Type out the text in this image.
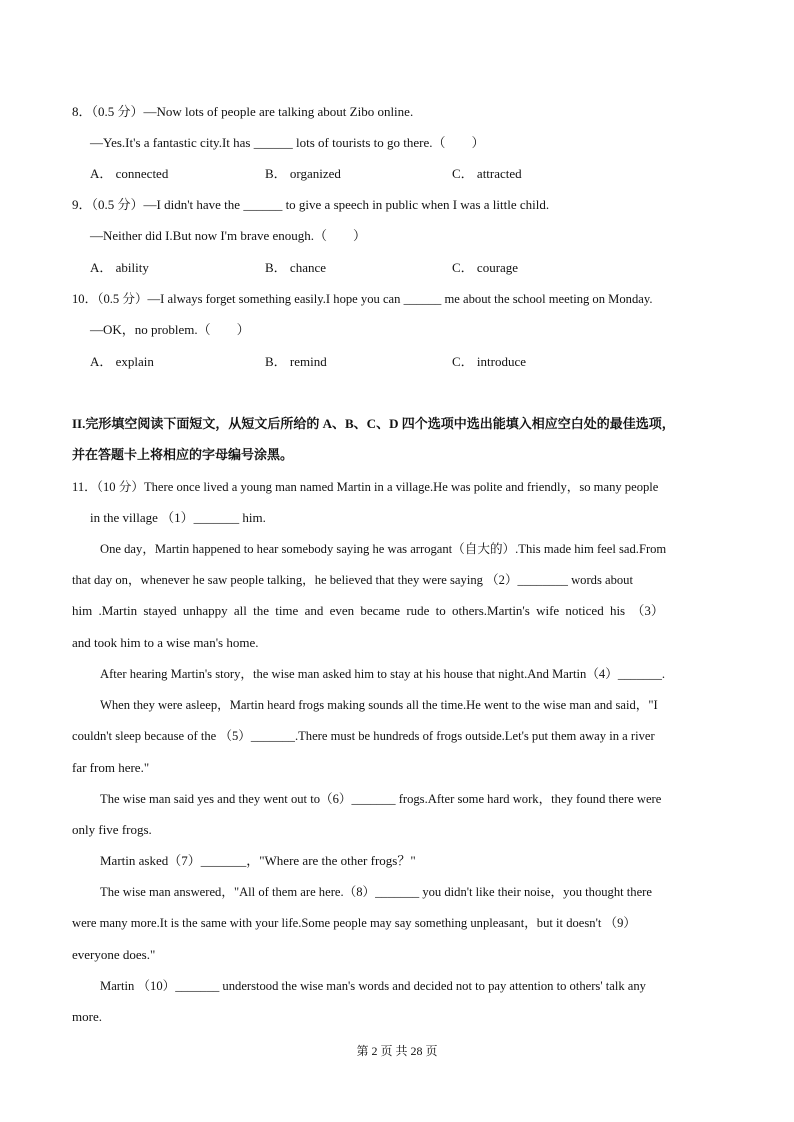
8．（0.5 分）—Now lots of people are talking about Zibo online.
—Yes.It's a fantastic city.It has ______ lots of tourists to go there.（　　）
A． connected	B． organized	C． attracted
9．（0.5 分）—I didn't have the ______ to give a speech in public when I was a little child.
—Neither did I.But now I'm brave enough.（　　）
A． ability	B． chance	C． courage
10．（0.5 分）—I always forget something easily.I hope you can ______ me about the school meeting on Monday.
—OK，no problem.（　　）
A． explain	B． remind	C． introduce
II.完形填空阅读下面短文，从短文后所给的 A、B、C、D 四个选项中选出能填入相应空白处的最佳选项，
并在答题卡上将相应的字母编号涂黑。
11．（10 分）There once lived a young man named Martin in a village.He was polite and friendly，so many people
in the village （1）_______ him.
One day，Martin happened to hear somebody saying he was arrogant（自大的）.This made him feel sad.From
that day on，whenever he saw people talking，he believed that they were saying （2）________ words about
him .Martin stayed unhappy all the time and even became rude to others.Martin's wife noticed his （3）
and took him to a wise man's home.
After hearing Martin's story，the wise man asked him to stay at his house that night.And Martin（4）_______.
When they were asleep，Martin heard frogs making sounds all the time.He went to the wise man and said，"I
couldn't sleep because of the （5）_______.There must be hundreds of frogs outside.Let's put them away in a river
far from here."
The wise man said yes and they went out to（6）_______ frogs.After some hard work，they found there were
only five frogs.
Martin asked（7）_______，"Where are the other frogs？"
The wise man answered，"All of them are here.（8）_______ you didn't like their noise，you thought there
were many more.It is the same with your life.Some people may say something unpleasant，but it doesn't （9）
everyone does."
Martin （10）_______ understood the wise man's words and decided not to pay attention to others' talk any
more.
第 2 页 共 28 页
